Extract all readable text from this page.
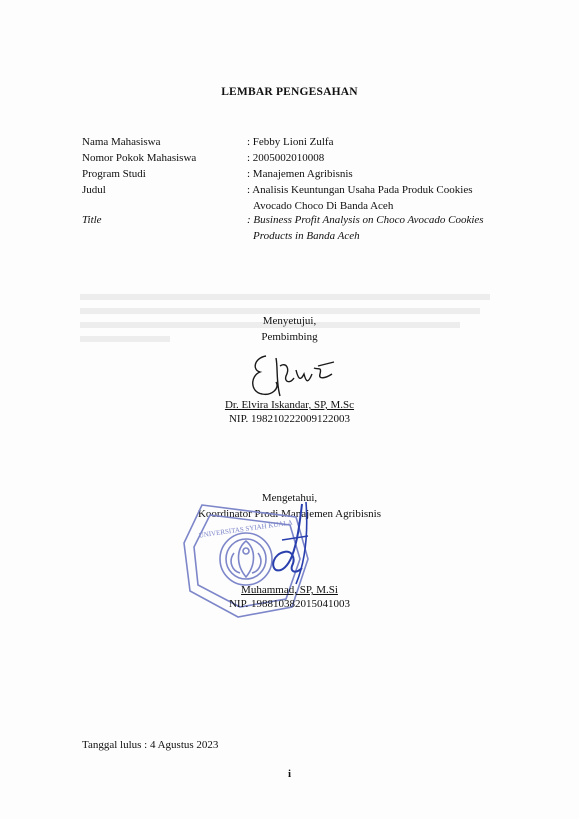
LEMBAR PENGESAHAN
Nama Mahasiswa	: Febby Lioni Zulfa
Nomor Pokok Mahasiswa	: 2005002010008
Program Studi	: Manajemen Agribisnis
Judul	: Analisis Keuntungan Usaha Pada Produk Cookies
Avocado Choco Di Banda Aceh
Title	: Business Profit Analysis on Choco Avocado Cookies
Products in Banda Aceh
Menyetujui,
Pembimbing
Dr. Elvira Iskandar, SP, M.Sc
NIP. 198210222009122003
Mengetahui,
Koordinator Prodi Manajemen Agribisnis
UNIVERSITAS SYIAH KUALA
Muhammad, SP, M.Si
NIP. 198810382015041003
Tanggal lulus : 4 Agustus 2023
i
